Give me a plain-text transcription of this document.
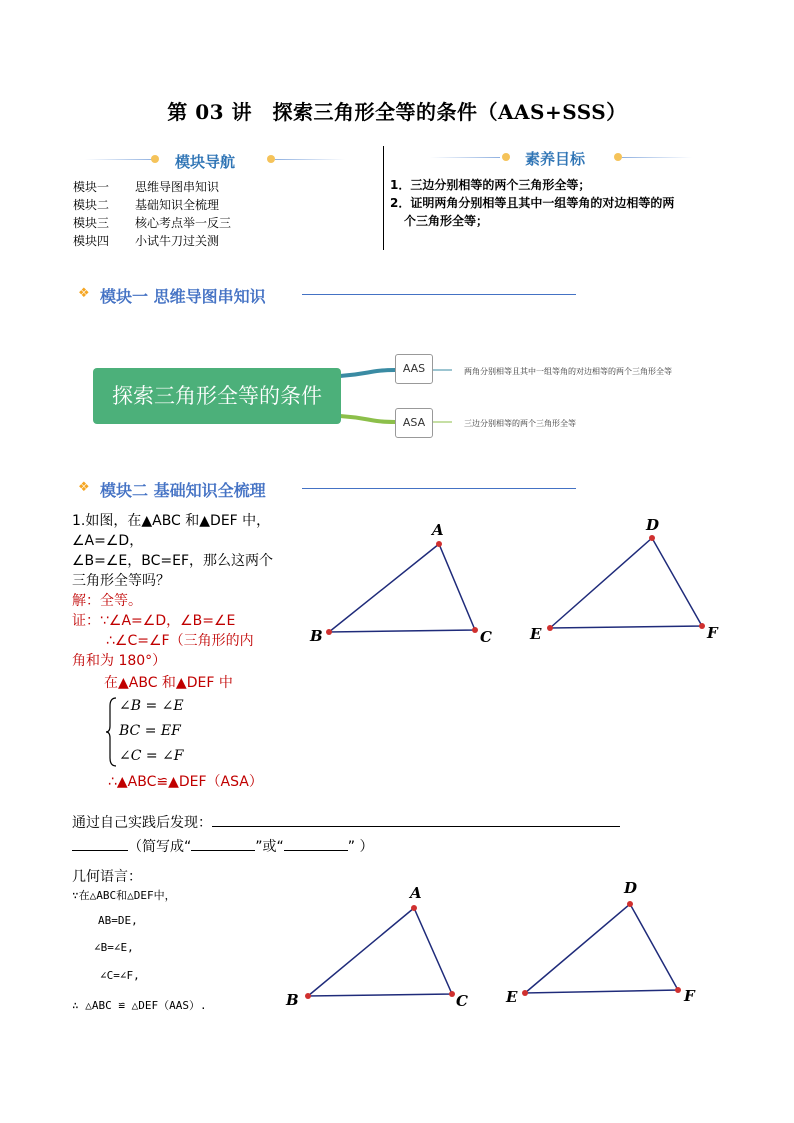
第 03 讲　探索三角形全等的条件（AAS+SSS）
模块导航
模块一 思维导图串知识
模块二 基础知识全梳理
模块三 核心考点举一反三
模块四 小试牛刀过关测
素养目标
1．三边分别相等的两个三角形全等；
2．证明两角分别相等且其中一组等角的对边相等的两
个三角形全等；
❖ 模块一 思维导图串知识
探索三角形全等的条件
AAS
ASA
两角分别相等且其中一组等角的对边相等的两个三角形全等
三边分别相等的两个三角形全等
❖ 模块二 基础知识全梳理
1.如图，在▲ABC 和▲DEF 中，
∠A=∠D，
∠B=∠E，BC=EF，那么这两个
三角形全等吗？
解：全等。
证：∵∠A=∠D，∠B=∠E
∴∠C=∠F（三角形的内
角和为 180°）
在▲ABC 和▲DEF 中
∠B = ∠E
BC = EF
∠C = ∠F
∴▲ABC≌▲DEF（ASA）
A
B	C
D
E	F
通过自己实践后发现：
（简写成“	”或“	” ）
几何语言：
∵在△ABC和△DEF中，
AB=DE,
∠B=∠E,
∠C=∠F,
∴ △ABC ≌ △DEF（AAS）.
A
B	C
D
E	F
